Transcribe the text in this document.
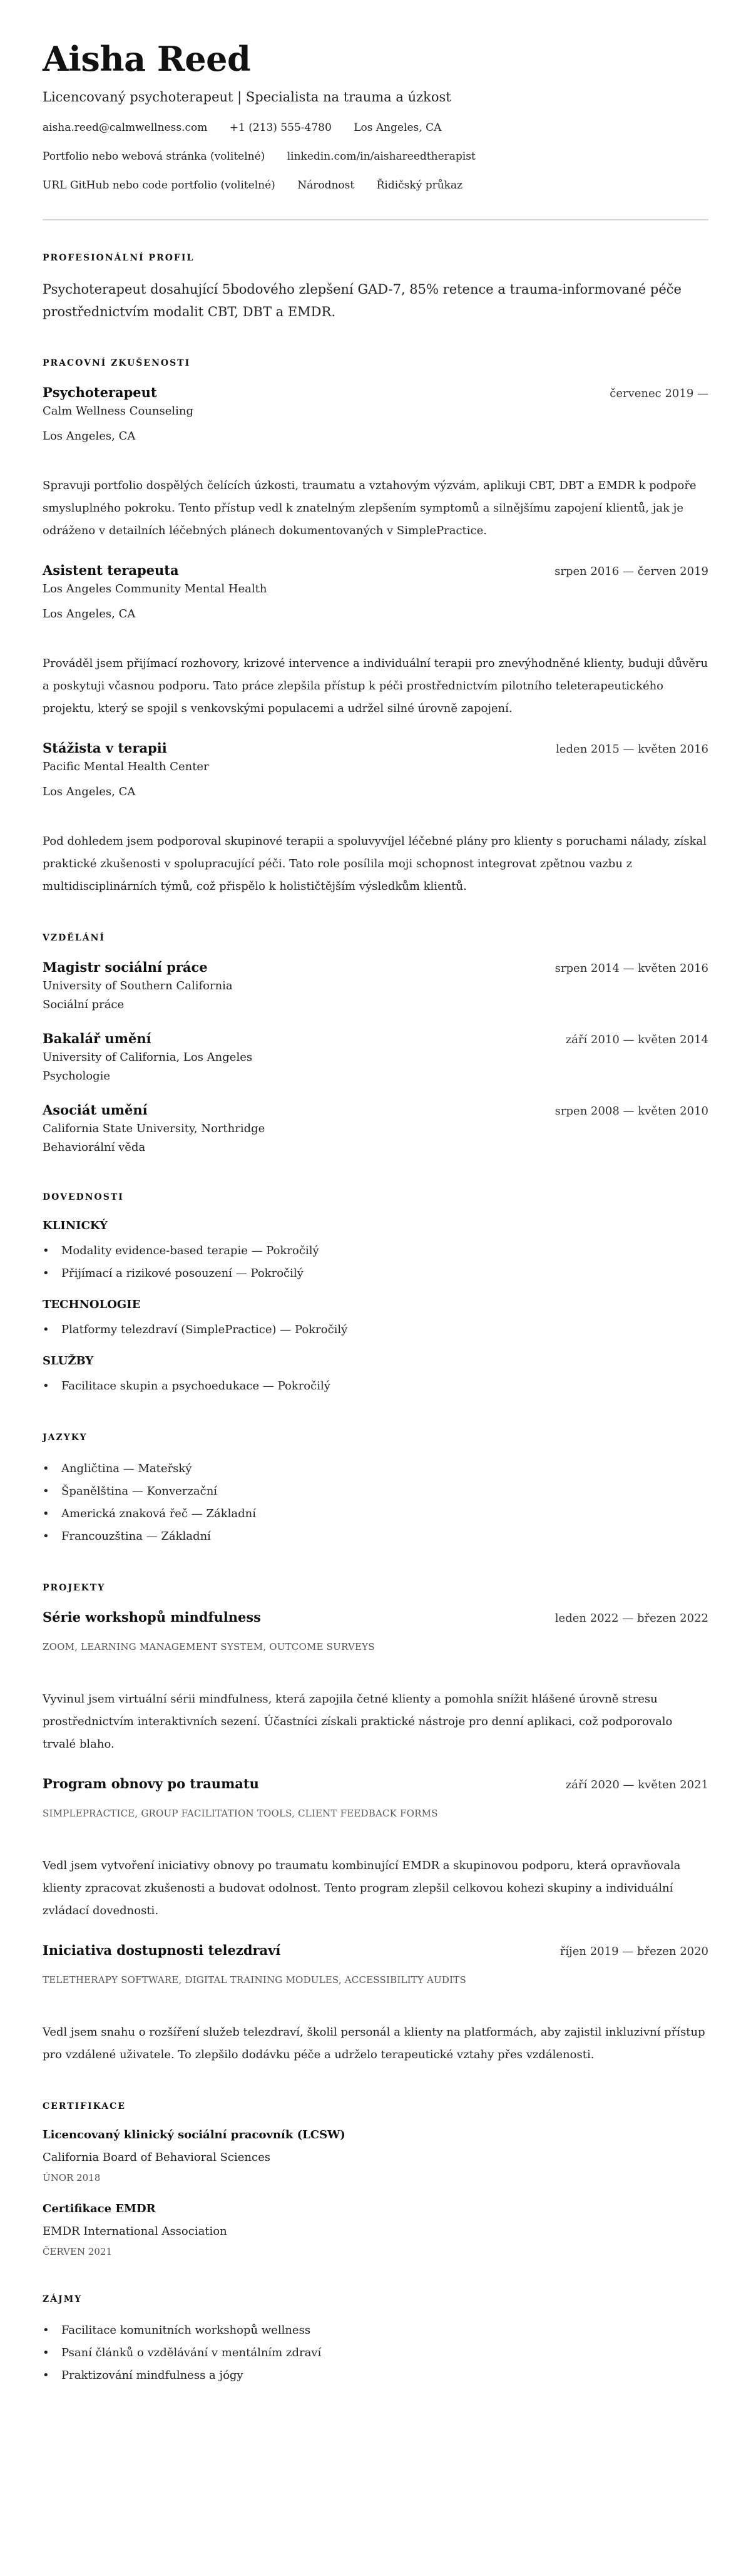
Aisha Reed
Licencovaný psychoterapeut | Specialista na trauma a úzkost
aisha.reed@calmwellness.com +1 (213) 555-4780 Los Angeles, CA
Portfolio nebo webová stránka (volitelné) linkedin.com/in/aishareedtherapist
URL GitHub nebo code portfolio (volitelné) Národnost Řidičský průkaz
PROFESIONÁLNÍ PROFIL

Psychoterapeut dosahující 5bodového zlepšení GAD-7, 85% retence a trauma-informované péče prostřednictvím modalit CBT, DBT a EMDR.

PRACOVNÍ ZKUŠENOSTI
Psychoterapeut	červenec 2019 —
Calm Wellness Counseling
Los Angeles, CA

Spravuji portfolio dospělých čelících úzkosti, traumatu a vztahovým výzvám, aplikuji CBT, DBT a EMDR k podpoře smysluplného pokroku. Tento přístup vedl k znatelným zlepšením symptomů a silnějšímu zapojení klientů, jak je odráženo v detailních léčebných plánech dokumentovaných v SimplePractice.

Asistent terapeuta	srpen 2016 — červen 2019
Los Angeles Community Mental Health
Los Angeles, CA

Prováděl jsem přijímací rozhovory, krizové intervence a individuální terapii pro znevýhodněné klienty, buduji důvěru a poskytuji včasnou podporu. Tato práce zlepšila přístup k péči prostřednictvím pilotního teleterapeutického projektu, který se spojil s venkovskými populacemi a udržel silné úrovně zapojení.

Stážista v terapii	leden 2015 — květen 2016
Pacific Mental Health Center
Los Angeles, CA

Pod dohledem jsem podporoval skupinové terapii a spoluvyvíjel léčebné plány pro klienty s poruchami nálady, získal praktické zkušenosti v spolupracující péči. Tato role posílila moji schopnost integrovat zpětnou vazbu z multidisciplinárních týmů, což přispělo k holističtějším výsledkům klientů.

VZDĚLÁNÍ
Magistr sociální práce	srpen 2014 — květen 2016
University of Southern California
Sociální práce
Bakalář umění	září 2010 — květen 2014
University of California, Los Angeles
Psychologie
Asociát umění	srpen 2008 — květen 2010
California State University, Northridge
Behaviorální věda
DOVEDNOSTI
KLINICKÝ
• Modality evidence-based terapie — Pokročilý
• Přijímací a rizikové posouzení — Pokročilý
TECHNOLOGIE
• Platformy telezdraví (SimplePractice) — Pokročilý
SLUŽBY
• Facilitace skupin a psychoedukace — Pokročilý
JAZYKY
• Angličtina — Mateřský
• Španělština — Konverzační
• Americká znaková řeč — Základní
• Francouzština — Základní
PROJEKTY
Série workshopů mindfulness	leden 2022 — březen 2022
ZOOM, LEARNING MANAGEMENT SYSTEM, OUTCOME SURVEYS

Vyvinul jsem virtuální sérii mindfulness, která zapojila četné klienty a pomohla snížit hlášené úrovně stresu prostřednictvím interaktivních sezení. Účastníci získali praktické nástroje pro denní aplikaci, což podporovalo trvalé blaho.

Program obnovy po traumatu	září 2020 — květen 2021
SIMPLEPRACTICE, GROUP FACILITATION TOOLS, CLIENT FEEDBACK FORMS

Vedl jsem vytvoření iniciativy obnovy po traumatu kombinující EMDR a skupinovou podporu, která opravňovala klienty zpracovat zkušenosti a budovat odolnost. Tento program zlepšil celkovou kohezi skupiny a individuální zvládací dovednosti.

Iniciativa dostupnosti telezdraví	říjen 2019 — březen 2020
TELETHERAPY SOFTWARE, DIGITAL TRAINING MODULES, ACCESSIBILITY AUDITS

Vedl jsem snahu o rozšíření služeb telezdraví, školil personál a klienty na platformách, aby zajistil inkluzivní přístup pro vzdálené uživatele. To zlepšilo dodávku péče a udrželo terapeutické vztahy přes vzdálenosti.

CERTIFIKACE
Licencovaný klinický sociální pracovník (LCSW)
California Board of Behavioral Sciences
ÚNOR 2018
Certifikace EMDR
EMDR International Association
ČERVEN 2021
ZÁJMY
• Facilitace komunitních workshopů wellness
• Psaní článků o vzdělávání v mentálním zdraví
• Praktizování mindfulness a jógy
